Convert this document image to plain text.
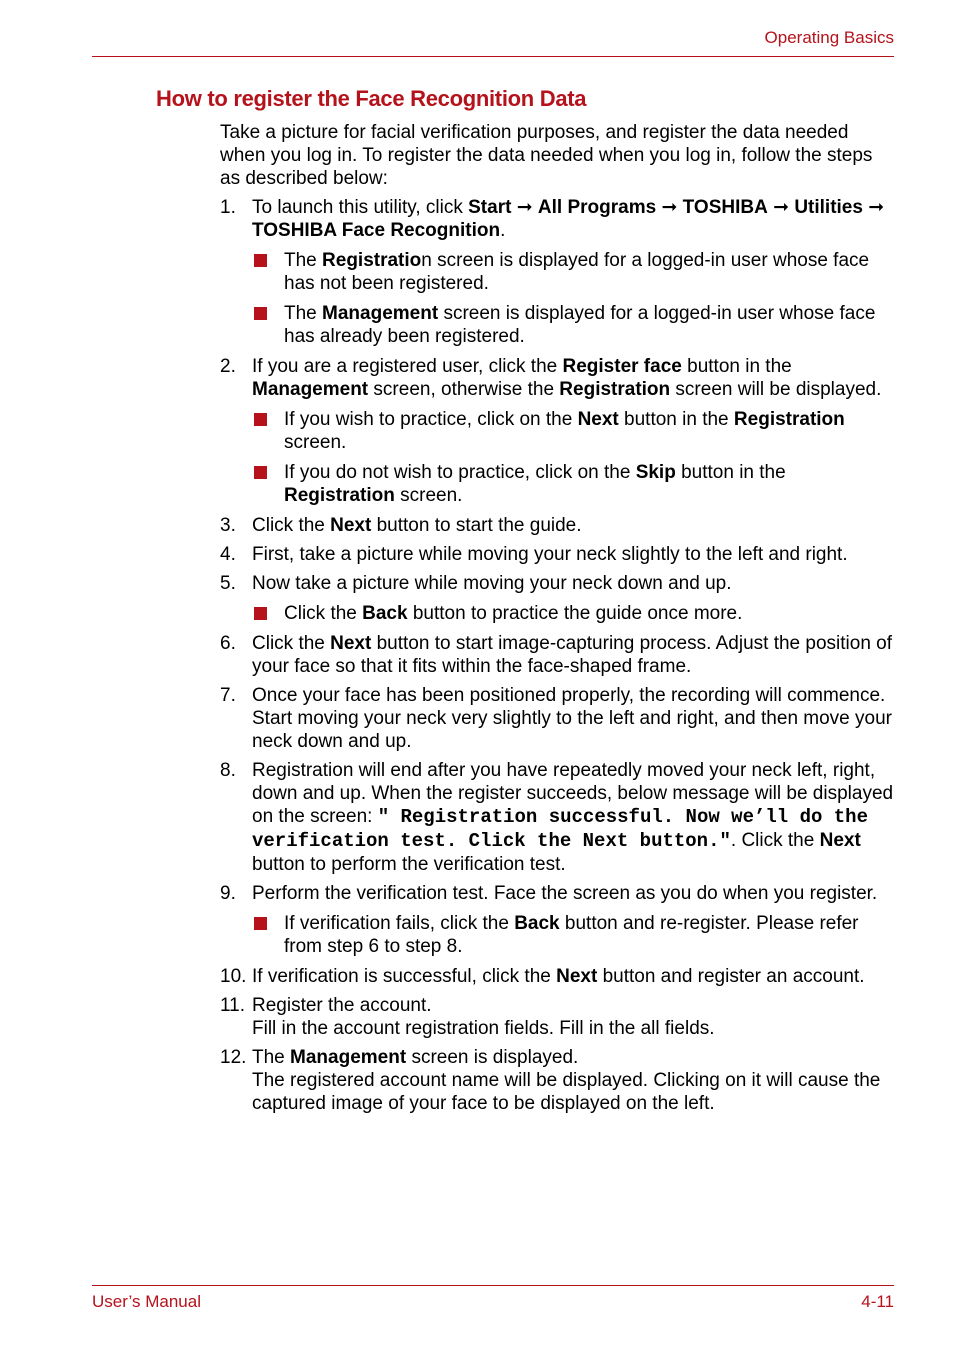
Operating Basics
How to register the Face Recognition Data

Take a picture for facial verification purposes, and register the data needed when you log in. To register the data needed when you log in, follow the steps as described below:

1. To launch this utility, click Start ➞ All Programs ➞ TOSHIBA ➞ Utilities ➞ TOSHIBA Face Recognition.
The Registration screen is displayed for a logged-in user whose face has not been registered.
The Management screen is displayed for a logged-in user whose face has already been registered.
2. If you are a registered user, click the Register face button in the Management screen, otherwise the Registration screen will be displayed.
If you wish to practice, click on the Next button in the Registration screen.
If you do not wish to practice, click on the Skip button in the Registration screen.
3. Click the Next button to start the guide.
4. First, take a picture while moving your neck slightly to the left and right.
5. Now take a picture while moving your neck down and up.
Click the Back button to practice the guide once more.
6. Click the Next button to start image-capturing process. Adjust the position of your face so that it fits within the face-shaped frame.
7. Once your face has been positioned properly, the recording will commence. Start moving your neck very slightly to the left and right, and then move your neck down and up.
8. Registration will end after you have repeatedly moved your neck left, right, down and up. When the register succeeds, below message will be displayed on the screen: " Registration successful. Now we’ll do the verification test. Click the Next button.". Click the Next button to perform the verification test.
9. Perform the verification test. Face the screen as you do when you register.
If verification fails, click the Back button and re-register. Please refer from step 6 to step 8.
10. If verification is successful, click the Next button and register an account.
11. Register the account.
Fill in the account registration fields. Fill in the all fields.
12. The Management screen is displayed.
The registered account name will be displayed. Clicking on it will cause the captured image of your face to be displayed on the left.
User’s Manual	4-11
